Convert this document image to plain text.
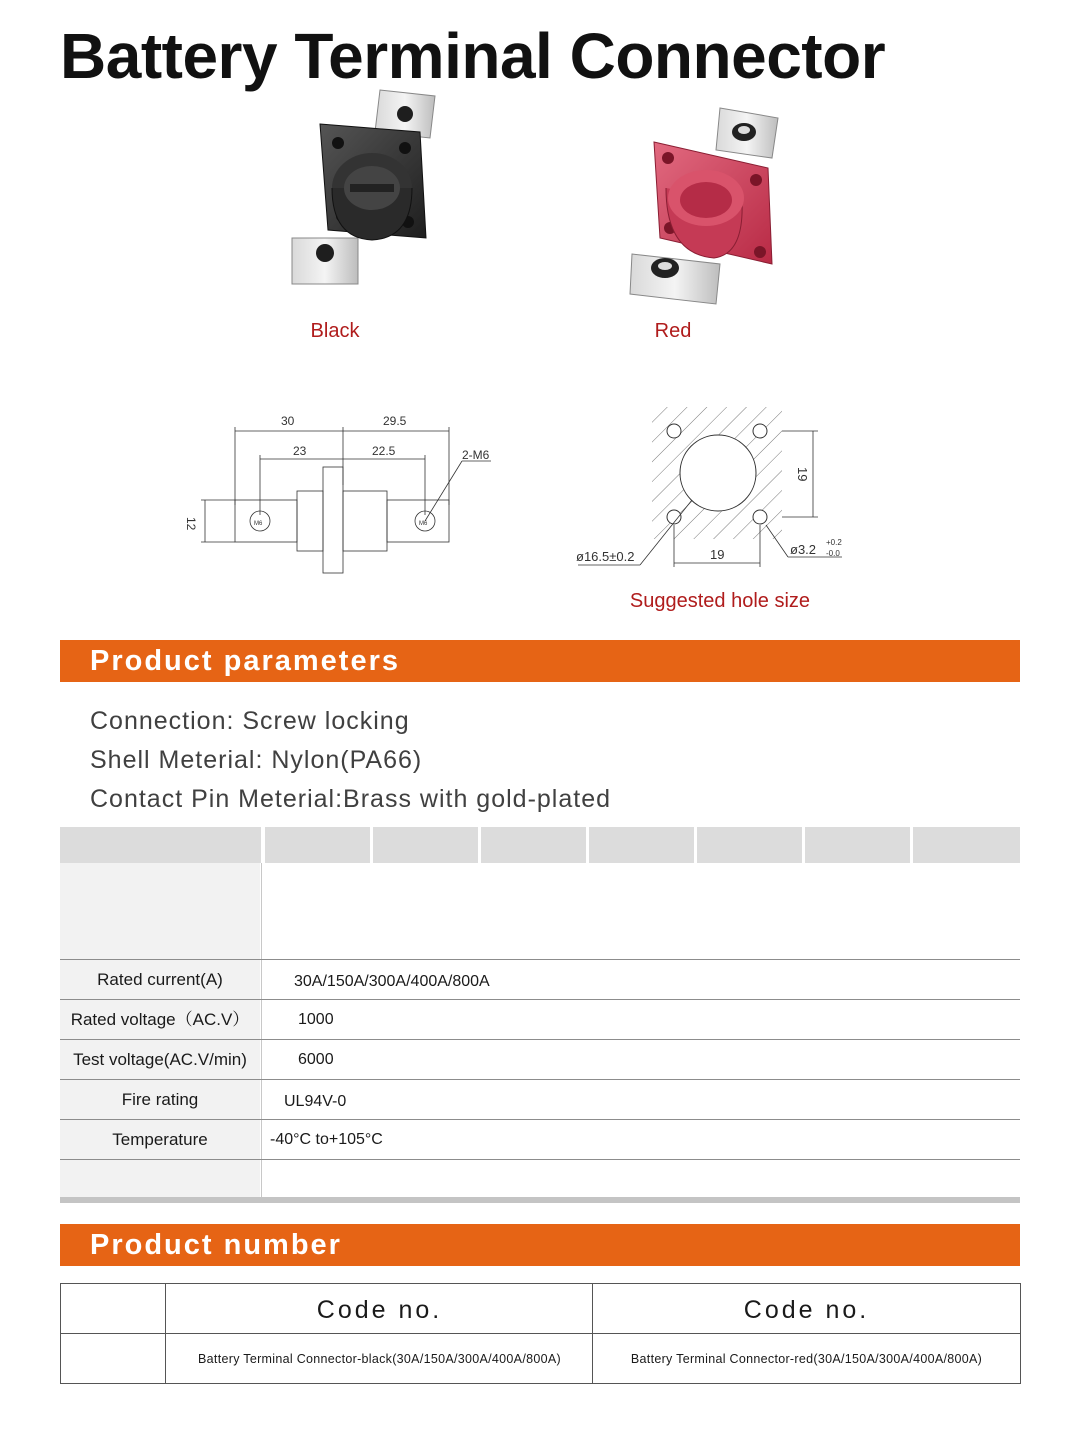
Battery Terminal Connector
Black	Red
30	29.5
23	22.5	2-M6
12	M6	M6
19
19
ø16.5±0.2	ø3.2 +0.2
-0.0
Suggested hole size
Product parameters
Connection: Screw locking
Shell Meterial: Nylon(PA66)
Contact Pin Meterial:Brass with gold-plated
Rated current(A)	30A/150A/300A/400A/800A
Rated voltage（AC.V）	1000
Test voltage(AC.V/min)	6000
Fire rating	UL94V-0
Temperature	-40°C to+105°C
Product number
Code no.	Code no.
Battery Terminal Connector-black(30A/150A/300A/400A/800A)	Battery Terminal Connector-red(30A/150A/300A/400A/800A)
